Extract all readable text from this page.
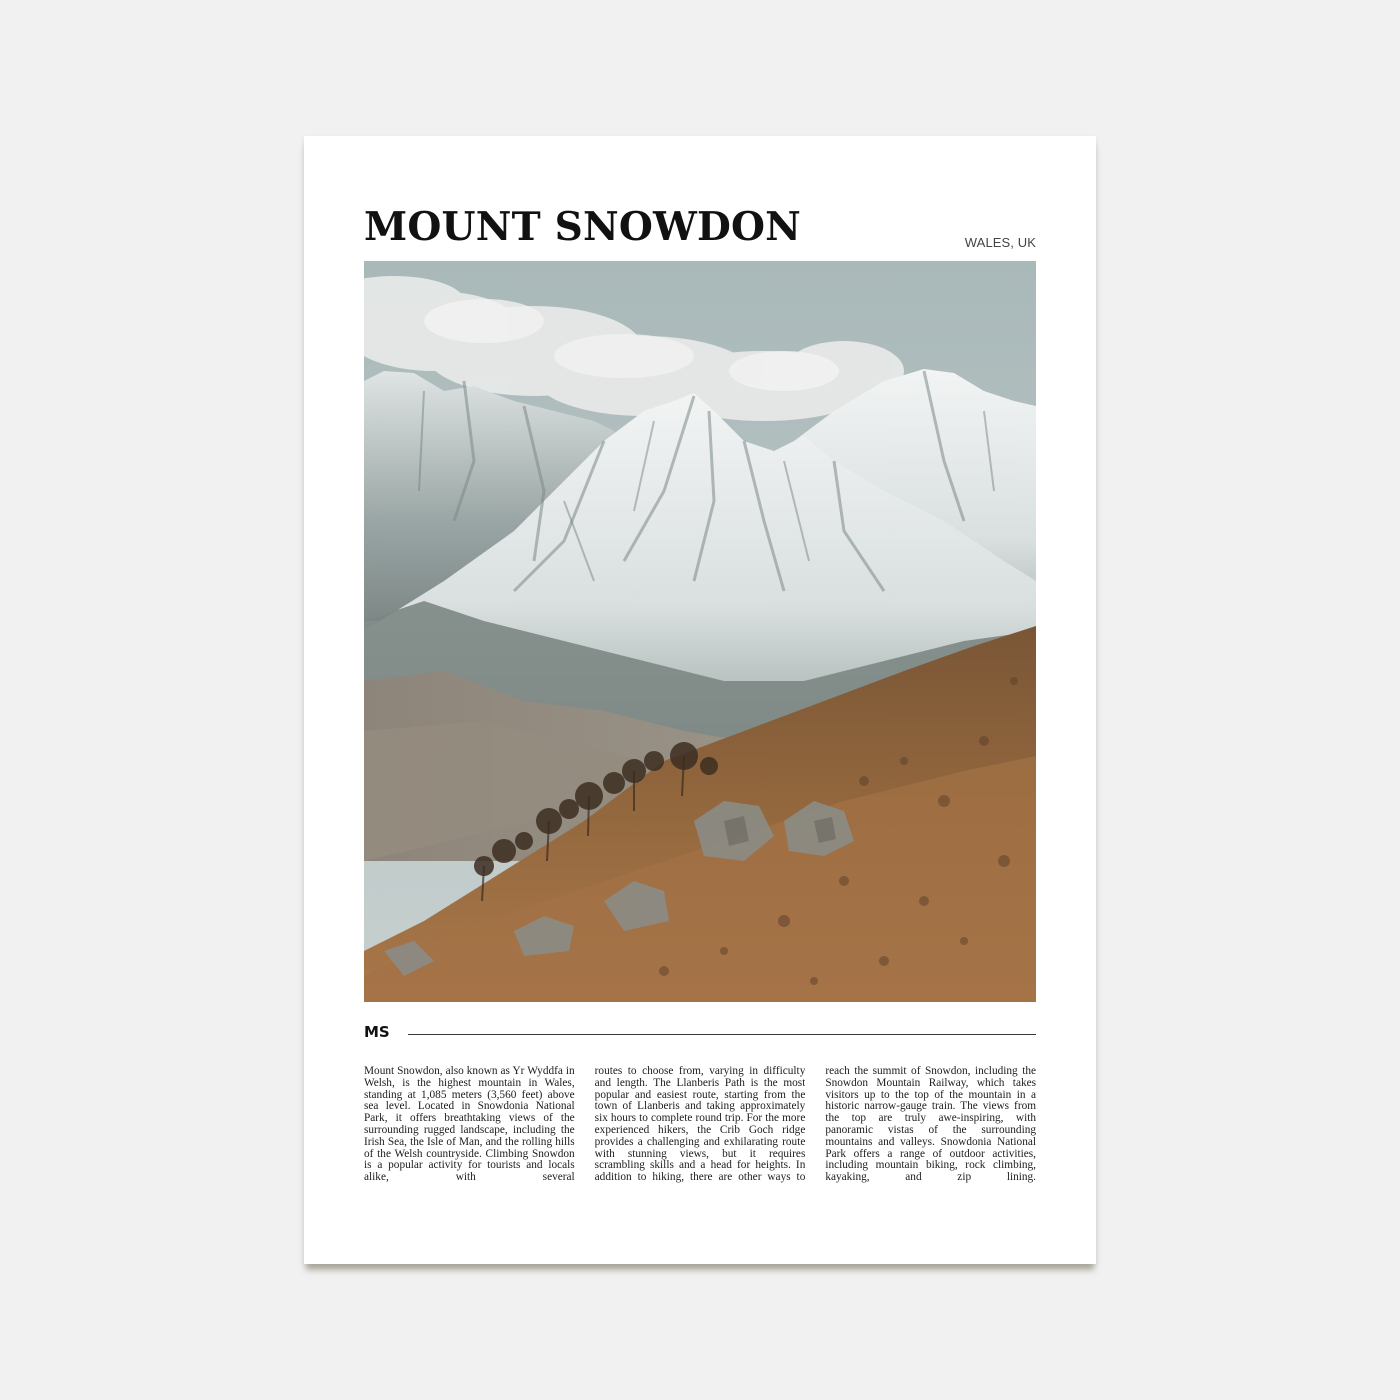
MOUNT SNOWDON	WALES, UK
MS

Mount Snowdon, also known as Yr Wyddfa in Welsh, is the highest mountain in Wales, standing at 1,085 meters (3,560 feet) above sea level. Located in Snowdonia National Park, it offers breathtaking views of the surrounding rugged landscape, including the Irish Sea, the Isle of Man, and the rolling hills of the Welsh countryside. Climbing Snowdon is a popular activity for tourists and locals alike, with several

routes to choose from, varying in difficulty and length. The Llanberis Path is the most popular and easiest route, starting from the town of Llanberis and taking approximately six hours to complete round trip. For the more experienced hikers, the Crib Goch ridge provides a challenging and exhilarating route with stunning views, but it requires scrambling skills and a head for heights. In addition to hiking, there are other ways to

reach the summit of Snowdon, including the Snowdon Mountain Railway, which takes visitors up to the top of the mountain in a historic narrow-gauge train. The views from the top are truly awe-inspiring, with panoramic vistas of the surrounding mountains and valleys. Snowdonia National Park offers a range of outdoor activities, including mountain biking, rock climbing, kayaking, and zip lining.
